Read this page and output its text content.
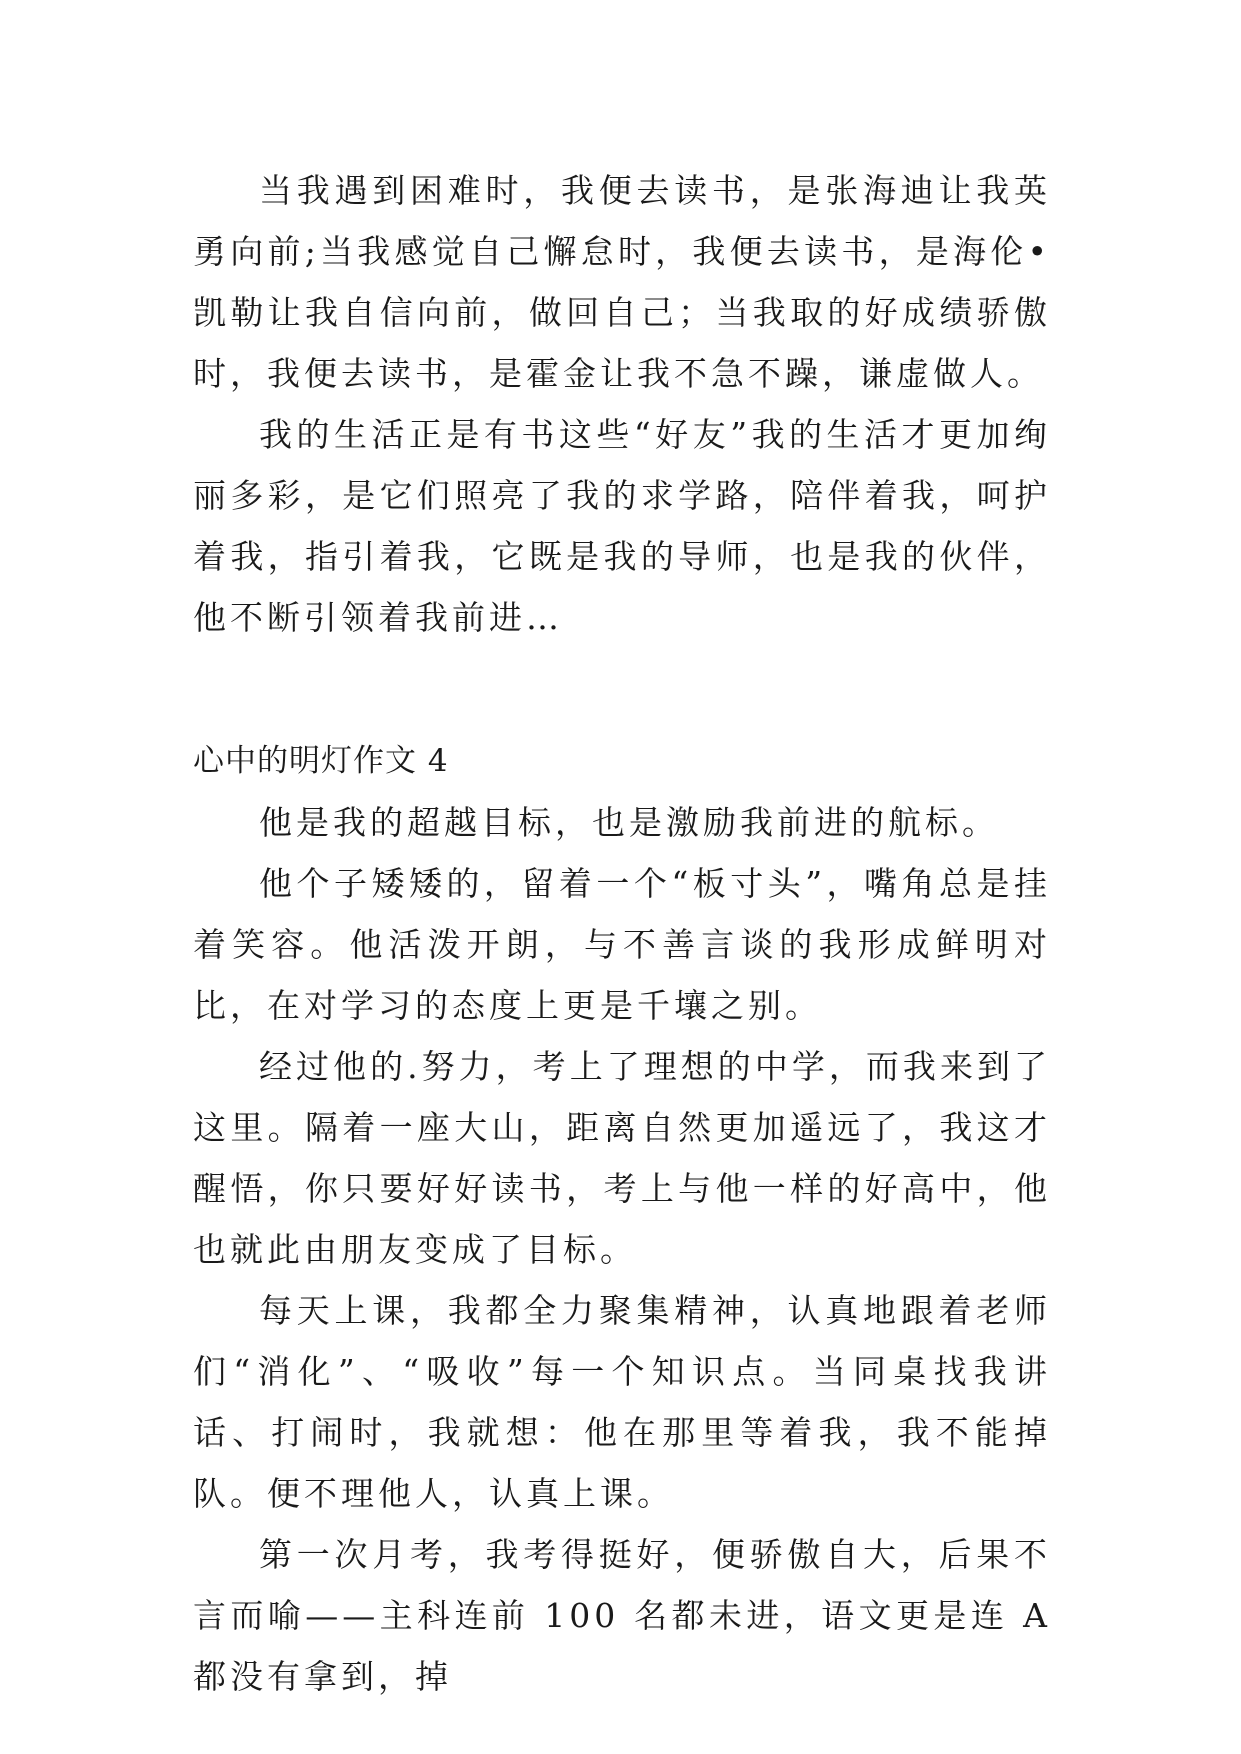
当我遇到困难时，我便去读书，是张海迪让我英勇向前;当我感觉自己懈怠时，我便去读书，是海伦•凯勒让我自信向前，做回自己；当我取的好成绩骄傲时，我便去读书，是霍金让我不急不躁，谦虚做人。

我的生活正是有书这些“好友”我的生活才更加绚丽多彩，是它们照亮了我的求学路，陪伴着我，呵护着我，指引着我，它既是我的导师，也是我的伙伴，他不断引领着我前进…

心中的明灯作文 4

他是我的超越目标，也是激励我前进的航标。

他个子矮矮的，留着一个“板寸头”，嘴角总是挂着笑容。他活泼开朗，与不善言谈的我形成鲜明对比，在对学习的态度上更是千壤之别。

经过他的.努力，考上了理想的中学，而我来到了这里。隔着一座大山，距离自然更加遥远了，我这才醒悟，你只要好好读书，考上与他一样的好高中，他也就此由朋友变成了目标。

每天上课，我都全力聚集精神，认真地跟着老师们“消化”、“吸收”每一个知识点。当同桌找我讲话、打闹时，我就想：他在那里等着我，我不能掉队。便不理他人，认真上课。

第一次月考，我考得挺好，便骄傲自大，后果不言而喻——主科连前 100 名都未进，语文更是连 A 都没有拿到，掉
